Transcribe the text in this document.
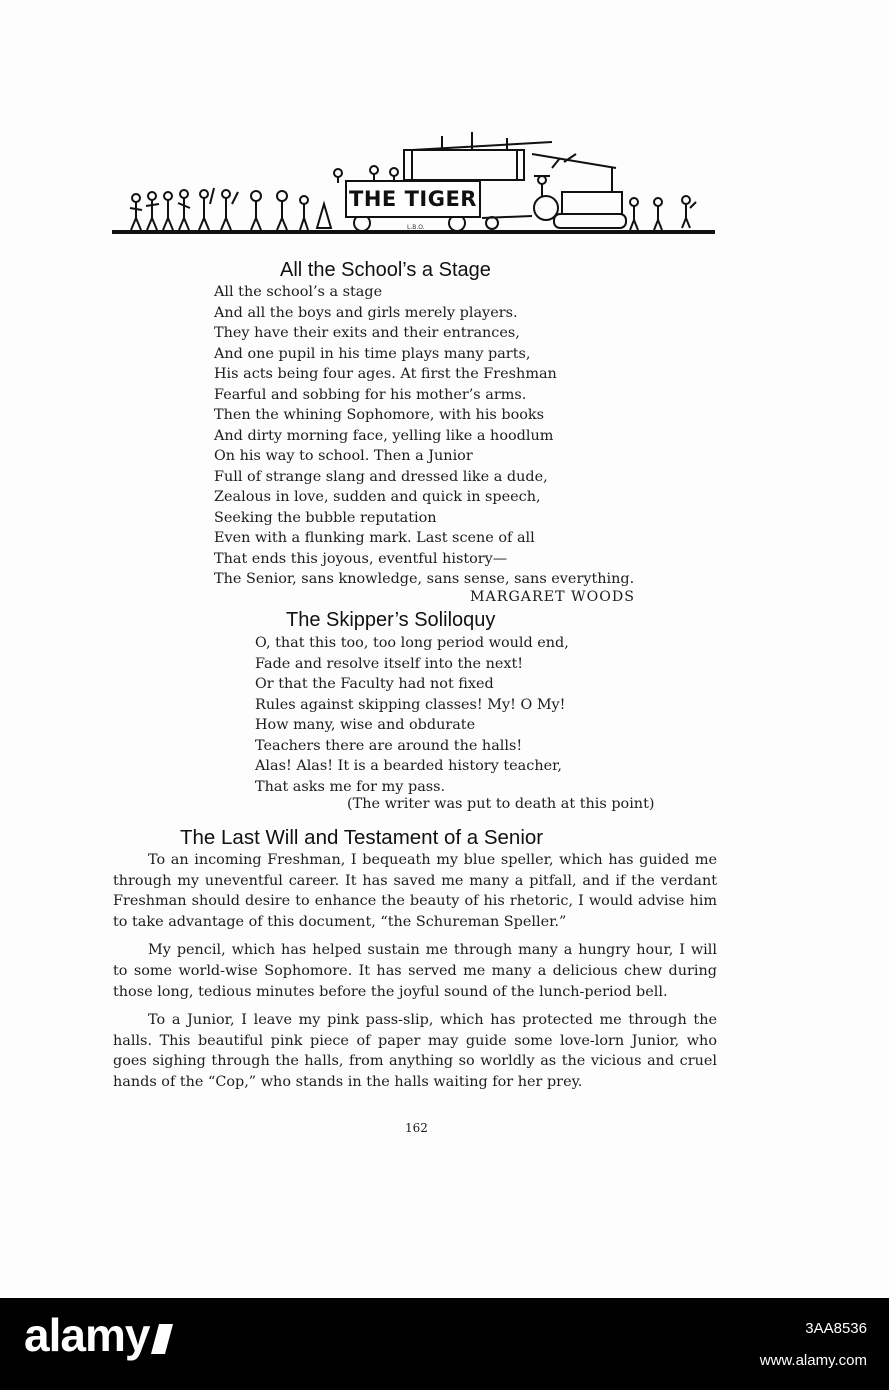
THE TIGER
L.B.O.
All the School’s a Stage
All the school’s a stage
And all the boys and girls merely players.
They have their exits and their entrances,
And one pupil in his time plays many parts,
His acts being four ages. At first the Freshman
Fearful and sobbing for his mother’s arms.
Then the whining Sophomore, with his books
And dirty morning face, yelling like a hoodlum
On his way to school. Then a Junior
Full of strange slang and dressed like a dude,
Zealous in love, sudden and quick in speech,
Seeking the bubble reputation
Even with a flunking mark. Last scene of all
That ends this joyous, eventful history—
The Senior, sans knowledge, sans sense, sans everything.
MARGARET WOODS
The Skipper’s Soliloquy
O, that this too, too long period would end,
Fade and resolve itself into the next!
Or that the Faculty had not fixed
Rules against skipping classes! My! O My!
How many, wise and obdurate
Teachers there are around the halls!
Alas! Alas! It is a bearded history teacher,
That asks me for my pass.
(The writer was put to death at this point)
The Last Will and Testament of a Senior

To an incoming Freshman, I bequeath my blue speller, which has guided me through my uneventful career. It has saved me many a pitfall, and if the verdant Freshman should desire to enhance the beauty of his rhetoric, I would advise him to take advantage of this document, “the Schureman Speller.”

My pencil, which has helped sustain me through many a hungry hour, I will to some world-wise Sophomore. It has served me many a delicious chew during those long, tedious minutes before the joyful sound of the lunch-period bell.

To a Junior, I leave my pink pass-slip, which has protected me through the halls. This beautiful pink piece of paper may guide some love-lorn Junior, who goes sighing through the halls, from anything so worldly as the vicious and cruel hands of the “Cop,” who stands in the halls waiting for her prey.

162
alamy	3AA8536
www.alamy.com
